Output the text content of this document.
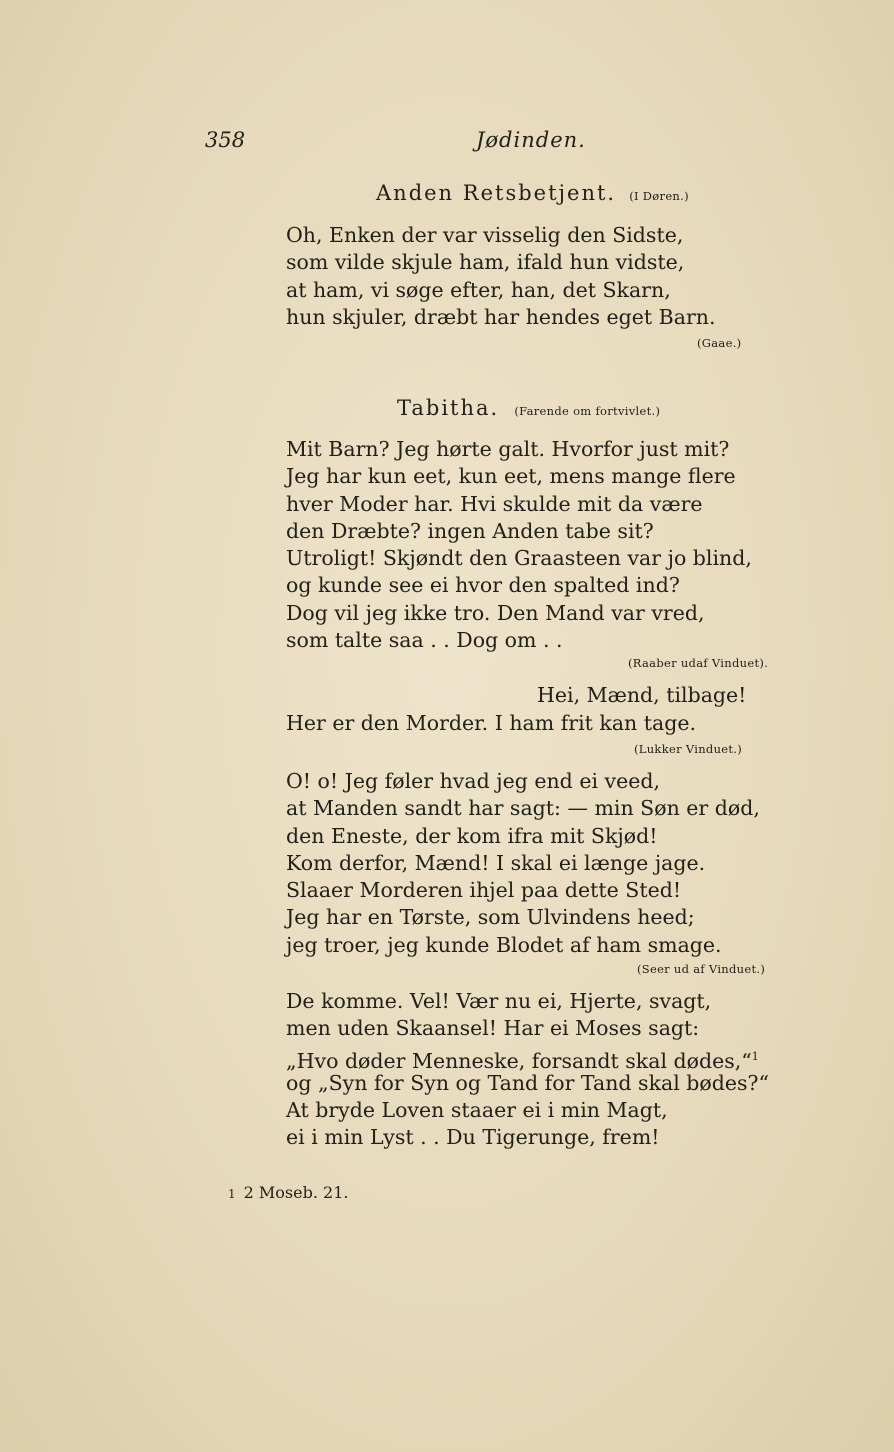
358	Jødinden.
Anden Retsbetjent. (I Døren.)
Oh, Enken der var visselig den Sidste,
som vilde skjule ham, ifald hun vidste,
at ham, vi søge efter, han, det Skarn,
hun skjuler, dræbt har hendes eget Barn.
(Gaae.)
Tabitha. (Farende om fortvivlet.)
Mit Barn? Jeg hørte galt. Hvorfor just mit?
Jeg har kun eet, kun eet, mens mange flere
hver Moder har. Hvi skulde mit da være
den Dræbte? ingen Anden tabe sit?
Utroligt! Skjøndt den Graasteen var jo blind,
og kunde see ei hvor den spalted ind?
Dog vil jeg ikke tro. Den Mand var vred,
som talte saa . . Dog om . .
(Raaber udaf Vinduet).
Hei, Mænd, tilbage!
Her er den Morder. I ham frit kan tage.
(Lukker Vinduet.)
O! o! Jeg føler hvad jeg end ei veed,
at Manden sandt har sagt: — min Søn er død,
den Eneste, der kom ifra mit Skjød!
Kom derfor, Mænd! I skal ei længe jage.
Slaaer Morderen ihjel paa dette Sted!
Jeg har en Tørste, som Ulvindens heed;
jeg troer, jeg kunde Blodet af ham smage.
(Seer ud af Vinduet.)
De komme. Vel! Vær nu ei, Hjerte, svagt,
men uden Skaansel! Har ei Moses sagt:
„Hvo døder Menneske, forsandt skal dødes,“$^1$
og „Syn for Syn og Tand for Tand skal bødes?“
At bryde Loven staaer ei i min Magt,
ei i min Lyst . . Du Tigerunge, frem!
1 2 Moseb. 21.
